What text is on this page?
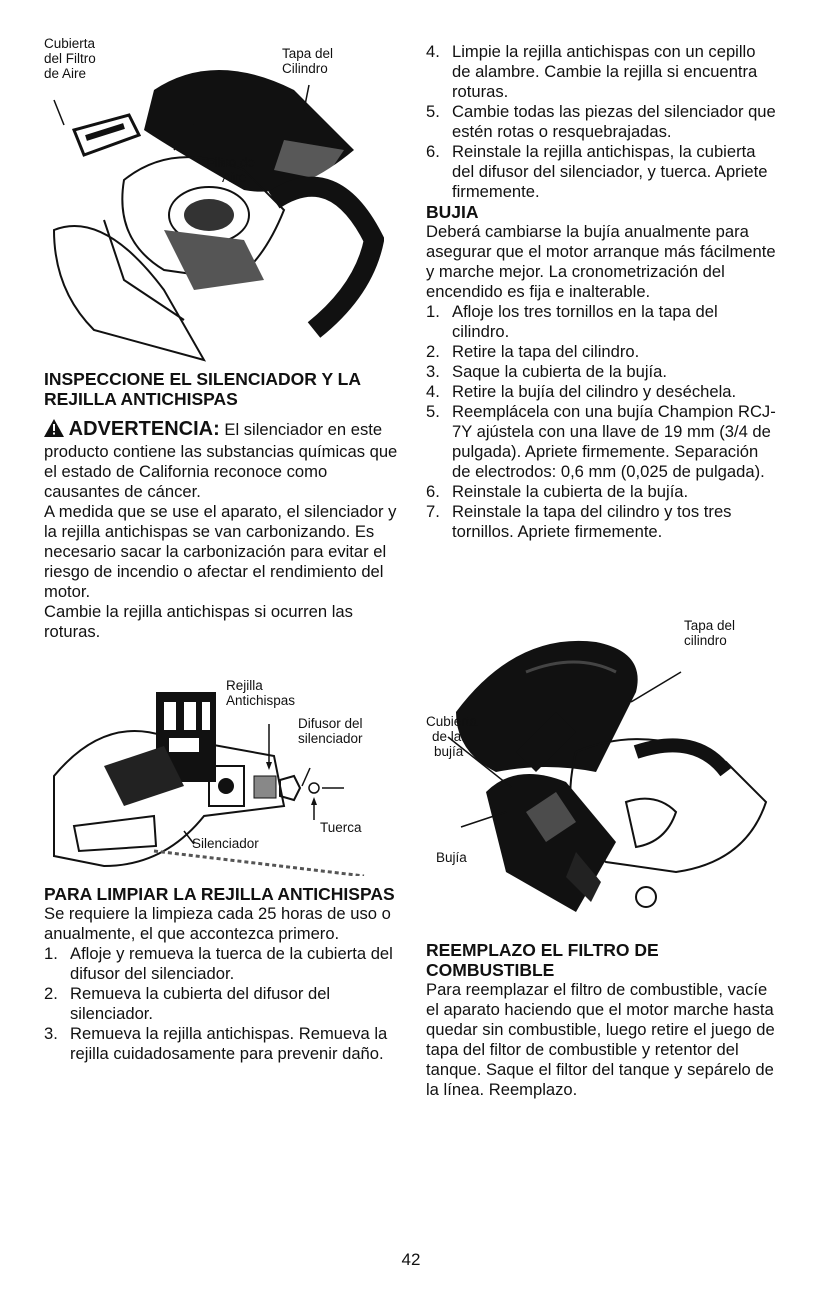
Cubierta
del Filtro
de Aire
Tapa del
Cilindro
Filtro de
Aire
INSPECCIONE EL SILENCIADOR Y LA REJILLA ANTICHISPAS

ADVERTENCIA: El silenciador en este producto contiene las substancias químicas que el estado de California reconoce como causantes de cáncer.

A medida que se use el aparato, el silenciador y la rejilla antichispas se van carbonizando. Es necesario sacar la carbonización para evitar el riesgo de incendio o afectar el rendimiento del motor.

Cambie la rejilla antichispas si ocurren las roturas.

Rejilla
Antichispas
Difusor del
silenciador
Tuerca
Silenciador
PARA LIMPIAR LA REJILLA ANTICHISPAS

Se requiere la limpieza cada 25 horas de uso o anualmente, el que accontezca primero.

1. Afloje y remueva la tuerca de la cubierta del difusor del silenciador.
2. Remueva la cubierta del difusor del silenciador.
3. Remueva la rejilla antichispas. Remueva la rejilla cuidadosamente para prevenir daño.
4. Limpie la rejilla antichispas con un cepillo de alambre. Cambie la rejilla si encuentra roturas.
5. Cambie todas las piezas del silenciador que estén rotas o resquebrajadas.
6. Reinstale la rejilla antichispas, la cubierta del difusor del silenciador, y tuerca. Apriete firmemente.
BUJIA

Deberá cambiarse la bujía anualmente para asegurar que el motor arranque más fácilmente y marche mejor. La cronometrización del encendido es fija e inalterable.

1. Afloje los tres tornillos en la tapa del cilindro.
2. Retire la tapa del cilindro.
3. Saque la cubierta de la bujía.
4. Retire la bujía del cilindro y deséchela.
5. Reemplácela con una bujía Champion RCJ-7Y ajústela con una llave de 19 mm (3/4 de pulgada). Apriete firmemente. Separación de electrodos: 0,6 mm (0,025 de pulgada).
6. Reinstale la cubierta de la bujía.
7. Reinstale la tapa del cilindro y tos tres tornillos. Apriete firmemente.
Tapa del
cilindro
Cubierta
de la
bujía
Bujía
REEMPLAZO EL FILTRO DE COMBUSTIBLE

Para reemplazar el filtro de combustible, vacíe el aparato haciendo que el motor marche hasta quedar sin combustible, luego retire el juego de tapa del filtor de combustible y retentor del tanque. Saque el filtor del tanque y sepárelo de la línea. Reemplazo.

42
